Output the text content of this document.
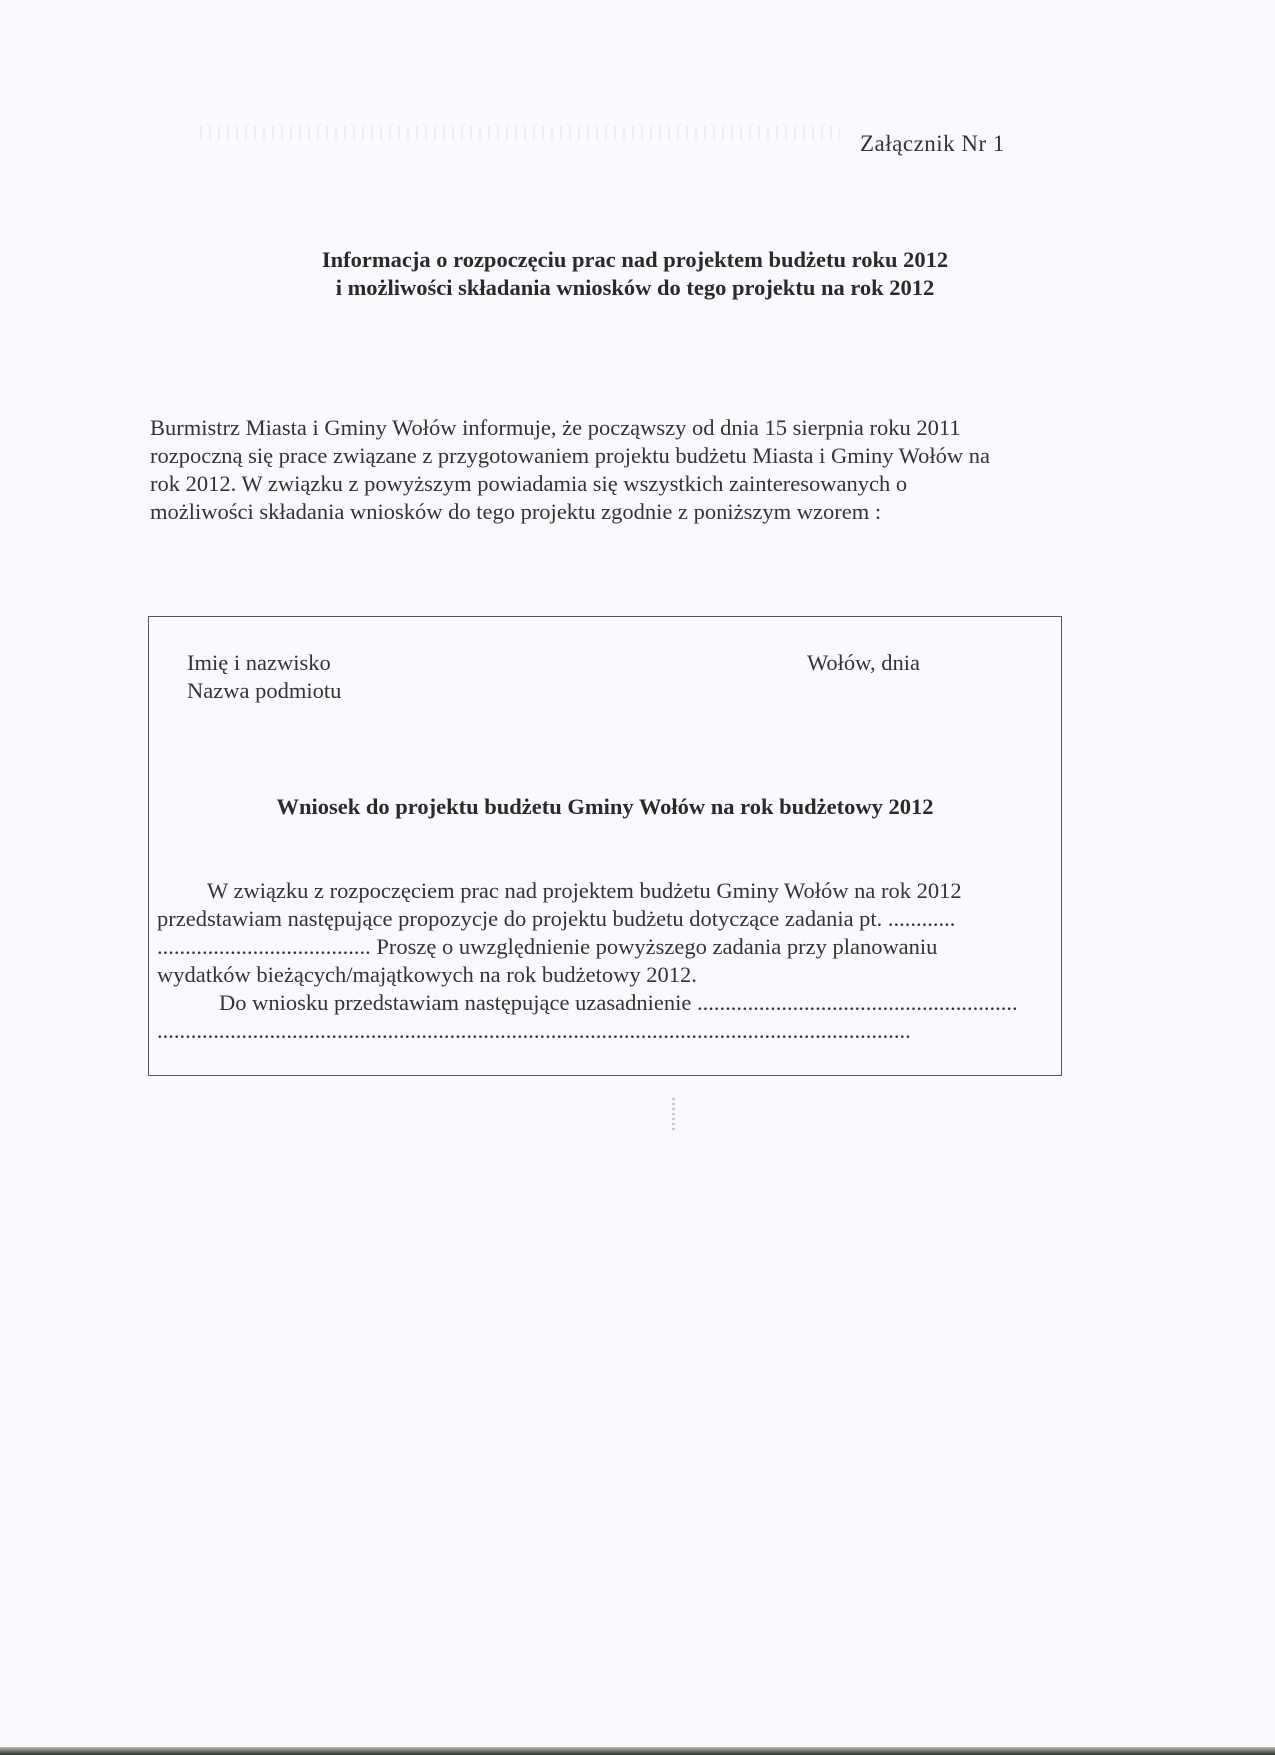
Załącznik Nr 1
Informacja o rozpoczęciu prac nad projektem budżetu roku 2012
i możliwości składania wniosków do tego projektu na rok 2012
Burmistrz Miasta i Gminy Wołów informuje, że począwszy od dnia 15 sierpnia roku 2011
rozpoczną się prace związane z przygotowaniem projektu budżetu Miasta i Gminy Wołów na
rok 2012. W związku z powyższym powiadamia się wszystkich zainteresowanych o
możliwości składania wniosków do tego projektu zgodnie z poniższym wzorem :
Imię i nazwisko
Nazwa podmiotu
Wołów, dnia
Wniosek do projektu budżetu Gminy Wołów na rok budżetowy 2012
W związku z rozpoczęciem prac nad projektem budżetu Gminy Wołów na rok 2012
przedstawiam następujące propozycje do projektu budżetu dotyczące zadania pt. ............
...................................... Proszę o uwzględnienie powyższego zadania przy planowaniu
wydatków bieżących/majątkowych na rok budżetowy 2012.
Do wniosku przedstawiam następujące uzasadnienie .........................................................
......................................................................................................................................
